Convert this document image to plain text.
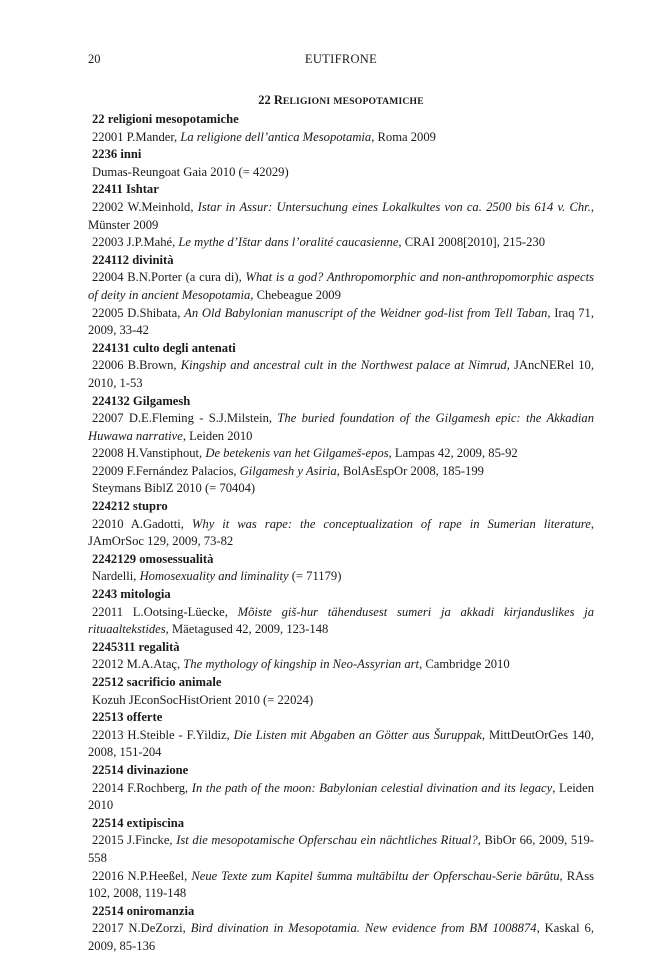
20	EUTIFRONE
22 RELIGIONI MESOPOTAMICHE
22 religioni mesopotamiche
22001 P.Mander, La religione dell’antica Mesopotamia, Roma 2009
2236 inni
Dumas-Reungoat Gaia 2010 (= 42029)
22411 Ishtar
22002 W.Meinhold, Istar in Assur: Untersuchung eines Lokalkultes von ca. 2500 bis 614 v. Chr., Münster 2009
22003 J.P.Mahé, Le mythe d’Ištar dans l’oralité caucasienne, CRAI 2008[2010], 215-230
224112 divinità
22004 B.N.Porter (a cura di), What is a god? Anthropomorphic and non-anthropomorphic aspects of deity in ancient Mesopotamia, Chebeague 2009
22005 D.Shibata, An Old Babylonian manuscript of the Weidner god-list from Tell Taban, Iraq 71, 2009, 33-42
224131 culto degli antenati
22006 B.Brown, Kingship and ancestral cult in the Northwest palace at Nimrud, JAncNERel 10, 2010, 1-53
224132 Gilgamesh
22007 D.E.Fleming - S.J.Milstein, The buried foundation of the Gilgamesh epic: the Akkadian Huwawa narrative, Leiden 2010
22008 H.Vanstiphout, De betekenis van het Gilgameš-epos, Lampas 42, 2009, 85-92
22009 F.Fernández Palacios, Gilgamesh y Asiria, BolAsEspOr 2008, 185-199
Steymans BiblZ 2010 (= 70404)
224212 stupro
22010 A.Gadotti, Why it was rape: the conceptualization of rape in Sumerian literature, JAmOrSoc 129, 2009, 73-82
2242129 omosessualità
Nardelli, Homosexuality and liminality (= 71179)
2243 mitologia
22011 L.Ootsing-Lüecke, Mõiste giš-hur tähendusest sumeri ja akkadi kirjanduslikes ja rituaaltekstides, Mäetagused 42, 2009, 123-148
2245311 regalità
22012 M.A.Ataç, The mythology of kingship in Neo-Assyrian art, Cambridge 2010
22512 sacrificio animale
Kozuh JEconSocHistOrient 2010 (= 22024)
22513 offerte
22013 H.Steible - F.Yildiz, Die Listen mit Abgaben an Götter aus Šuruppak, MittDeutOrGes 140, 2008, 151-204
22514 divinazione
22014 F.Rochberg, In the path of the moon: Babylonian celestial divination and its legacy, Leiden 2010
22514 extipiscina
22015 J.Fincke, Ist die mesopotamische Opferschau ein nächtliches Ritual?, BibOr 66, 2009, 519-558
22016 N.P.Heeßel, Neue Texte zum Kapitel šumma multābiltu der Opferschau-Serie bārûtu, RAss 102, 2008, 119-148
22514 oniromanzia
22017 N.DeZorzi, Bird divination in Mesopotamia. New evidence from BM 1008874, Kaskal 6, 2009, 85-136
